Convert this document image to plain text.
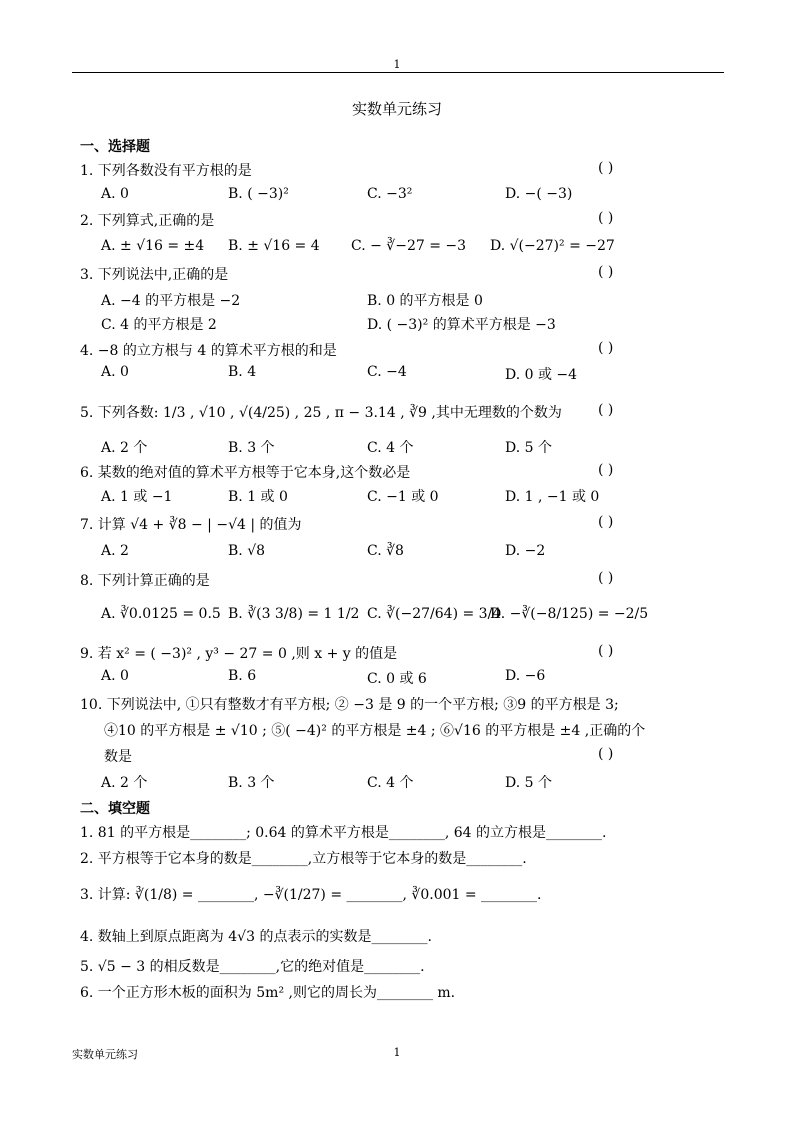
1
实数单元练习
一、选择题
1. 下列各数没有平方根的是	( )
A. 0	B. ( −3)²	C. −3²	D. −( −3)
2. 下列算式,正确的是	( )
A. ± √16 = ±4 B. ± √16 = 4 C. − ∛−27 = −3 D. √(−27)² = −27
3. 下列说法中,正确的是	( )
A. −4 的平方根是 −2	B. 0 的平方根是 0
C. 4 的平方根是 2	D. ( −3)² 的算术平方根是 −3
4. −8 的立方根与 4 的算术平方根的和是	( )
A. 0	B. 4	C. −4	D. 0 或 −4
5. 下列各数: 1/3 , √10 , √(4/25) , 25 , π − 3.14 , ∛9 ,其中无理数的个数为	( )
A. 2 个	B. 3 个	C. 4 个	D. 5 个
6. 某数的绝对值的算术平方根等于它本身,这个数必是	( )
A. 1 或 −1	B. 1 或 0	C. −1 或 0	D. 1 , −1 或 0
7. 计算 √4 + ∛8 − | −√4 | 的值为	( )
A. 2	B. √8	C. ∛8	D. −2
8. 下列计算正确的是	( )
A. ∛0.0125 = 0.5 B. ∛(3 3/8) = 1 1/2 C. ∛(−27/64) = 3/4
D. −∛(−8/125) = −2/5
9. 若 x² = ( −3)² , y³ − 27 = 0 ,则 x + y 的值是	( )
A. 0	B. 6	C. 0 或 6	D. −6
10. 下列说法中, ①只有整数才有平方根; ② −3 是 9 的一个平方根; ③9 的平方根是 3;
④10 的平方根是 ± √10 ; ⑤( −4)² 的平方根是 ±4 ; ⑥√16 的平方根是 ±4 ,正确的个
数是	( )
A. 2 个	B. 3 个	C. 4 个	D. 5 个
二、填空题
1. 81 的平方根是________; 0.64 的算术平方根是________, 64 的立方根是________.
2. 平方根等于它本身的数是________,立方根等于它本身的数是________.
3. 计算: ∛(1/8) = ________, −∛(1/27) = ________, ∛0.001 = ________.
4. 数轴上到原点距离为 4√3 的点表示的实数是________.
5. √5 − 3 的相反数是________,它的绝对值是________.
6. 一个正方形木板的面积为 5m² ,则它的周长为________ m.
实数单元练习	1
